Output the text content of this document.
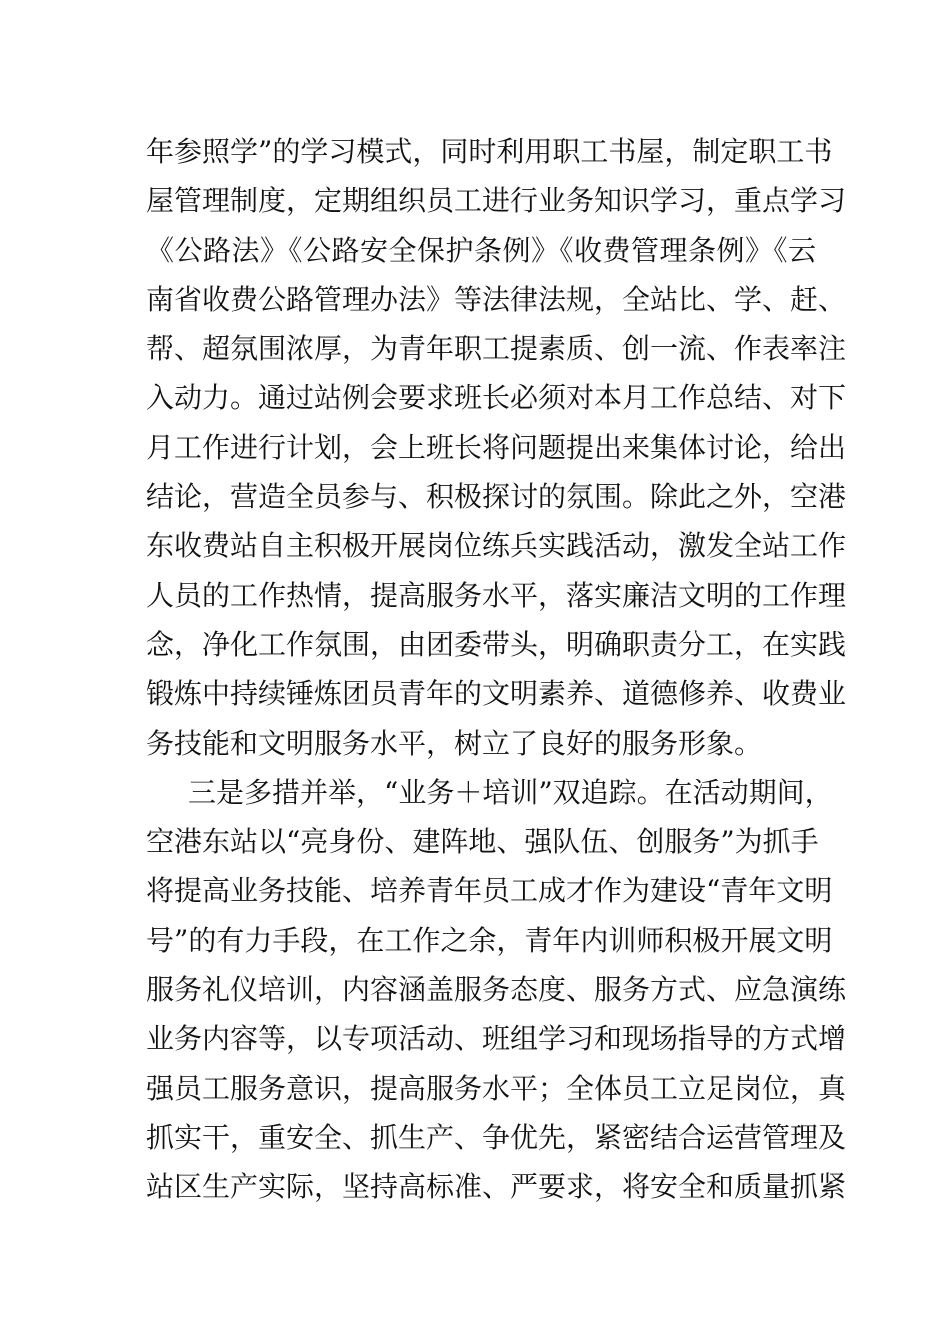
年参照学”的学习模式，同时利用职工书屋，制定职工书
屋管理制度，定期组织员工进行业务知识学习，重点学习
《公路法》《公路安全保护条例》《收费管理条例》《云
南省收费公路管理办法》等法律法规，全站比、学、赶、
帮、超氛围浓厚，为青年职工提素质、创一流、作表率注
入动力。通过站例会要求班长必须对本月工作总结、对下
月工作进行计划，会上班长将问题提出来集体讨论，给出
结论，营造全员参与、积极探讨的氛围。除此之外，空港
东收费站自主积极开展岗位练兵实践活动，激发全站工作
人员的工作热情，提高服务水平，落实廉洁文明的工作理
念，净化工作氛围，由团委带头，明确职责分工，在实践
锻炼中持续锤炼团员青年的文明素养、道德修养、收费业
务技能和文明服务水平，树立了良好的服务形象。
三是多措并举，“业务＋培训”双追踪。在活动期间，
空港东站以“亮身份、建阵地、强队伍、创服务”为抓手
将提高业务技能、培养青年员工成才作为建设“青年文明
号”的有力手段，在工作之余，青年内训师积极开展文明
服务礼仪培训，内容涵盖服务态度、服务方式、应急演练
业务内容等，以专项活动、班组学习和现场指导的方式增
强员工服务意识，提高服务水平；全体员工立足岗位，真
抓实干，重安全、抓生产、争优先，紧密结合运营管理及
站区生产实际，坚持高标准、严要求，将安全和质量抓紧
